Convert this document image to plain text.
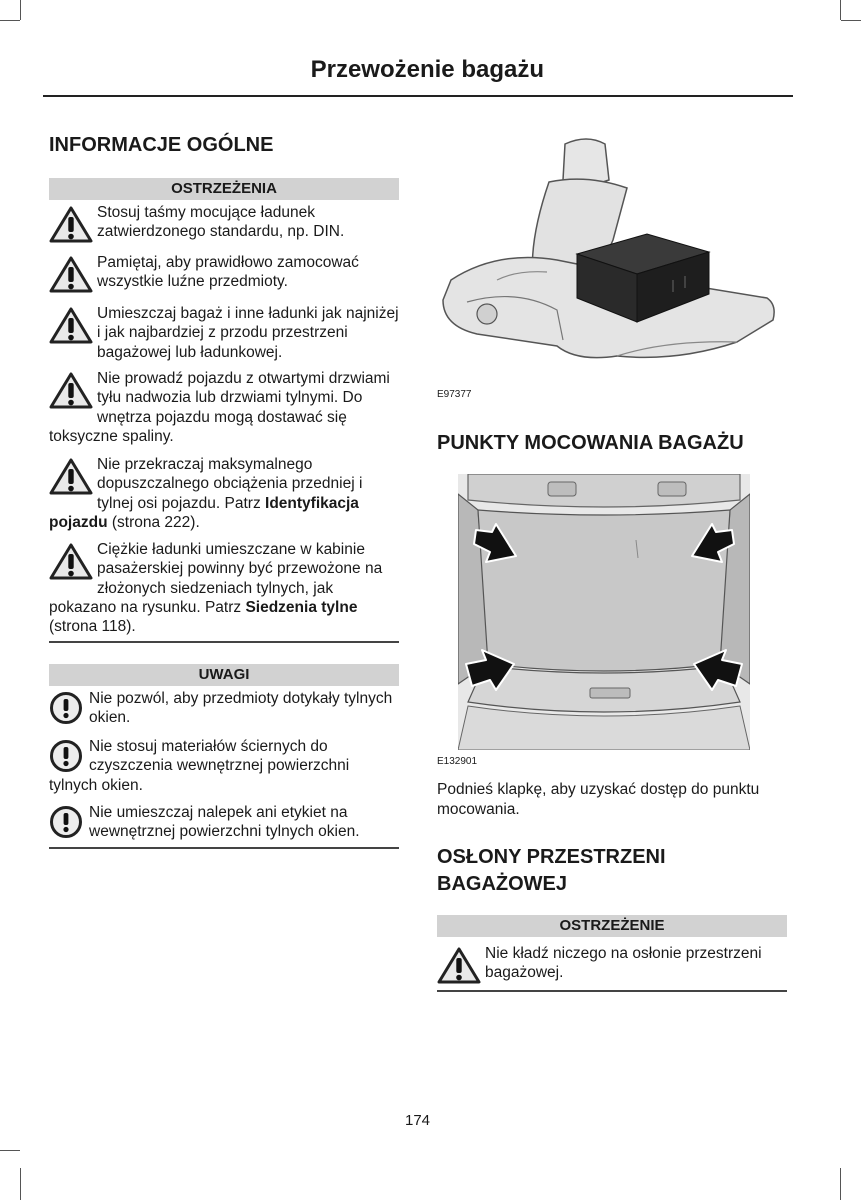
Przewożenie bagażu
INFORMACJE OGÓLNE
OSTRZEŻENIA

Stosuj taśmy mocujące ładunek zatwierdzonego standardu, np. DIN.

Pamiętaj, aby prawidłowo zamocować wszystkie luźne przedmioty.

Umieszczaj bagaż i inne ładunki jak najniżej i jak najbardziej z przodu przestrzeni bagażowej lub ładunkowej.

Nie prowadź pojazdu z otwartymi drzwiami tyłu nadwozia lub drzwiami tylnymi. Do wnętrza pojazdu mogą dostawać się toksyczne spaliny.

Nie przekraczaj maksymalnego dopuszczalnego obciążenia przedniej i tylnej osi pojazdu. Patrz Identyfikacja pojazdu (strona 222).

Ciężkie ładunki umieszczane w kabinie pasażerskiej powinny być przewożone na złożonych siedzeniach tylnych, jak pokazano na rysunku. Patrz Siedzenia tylne (strona 118).

UWAGI

Nie pozwól, aby przedmioty dotykały tylnych okien.

Nie stosuj materiałów ściernych do czyszczenia wewnętrznej powierzchni tylnych okien.

Nie umieszczaj nalepek ani etykiet na wewnętrznej powierzchni tylnych okien.

E97377
PUNKTY MOCOWANIA BAGAŻU
E132901
Podnieś klapkę, aby uzyskać dostęp do punktu mocowania.
OSŁONY PRZESTRZENI BAGAŻOWEJ
OSTRZEŻENIE

Nie kładź niczego na osłonie przestrzeni bagażowej.

174
